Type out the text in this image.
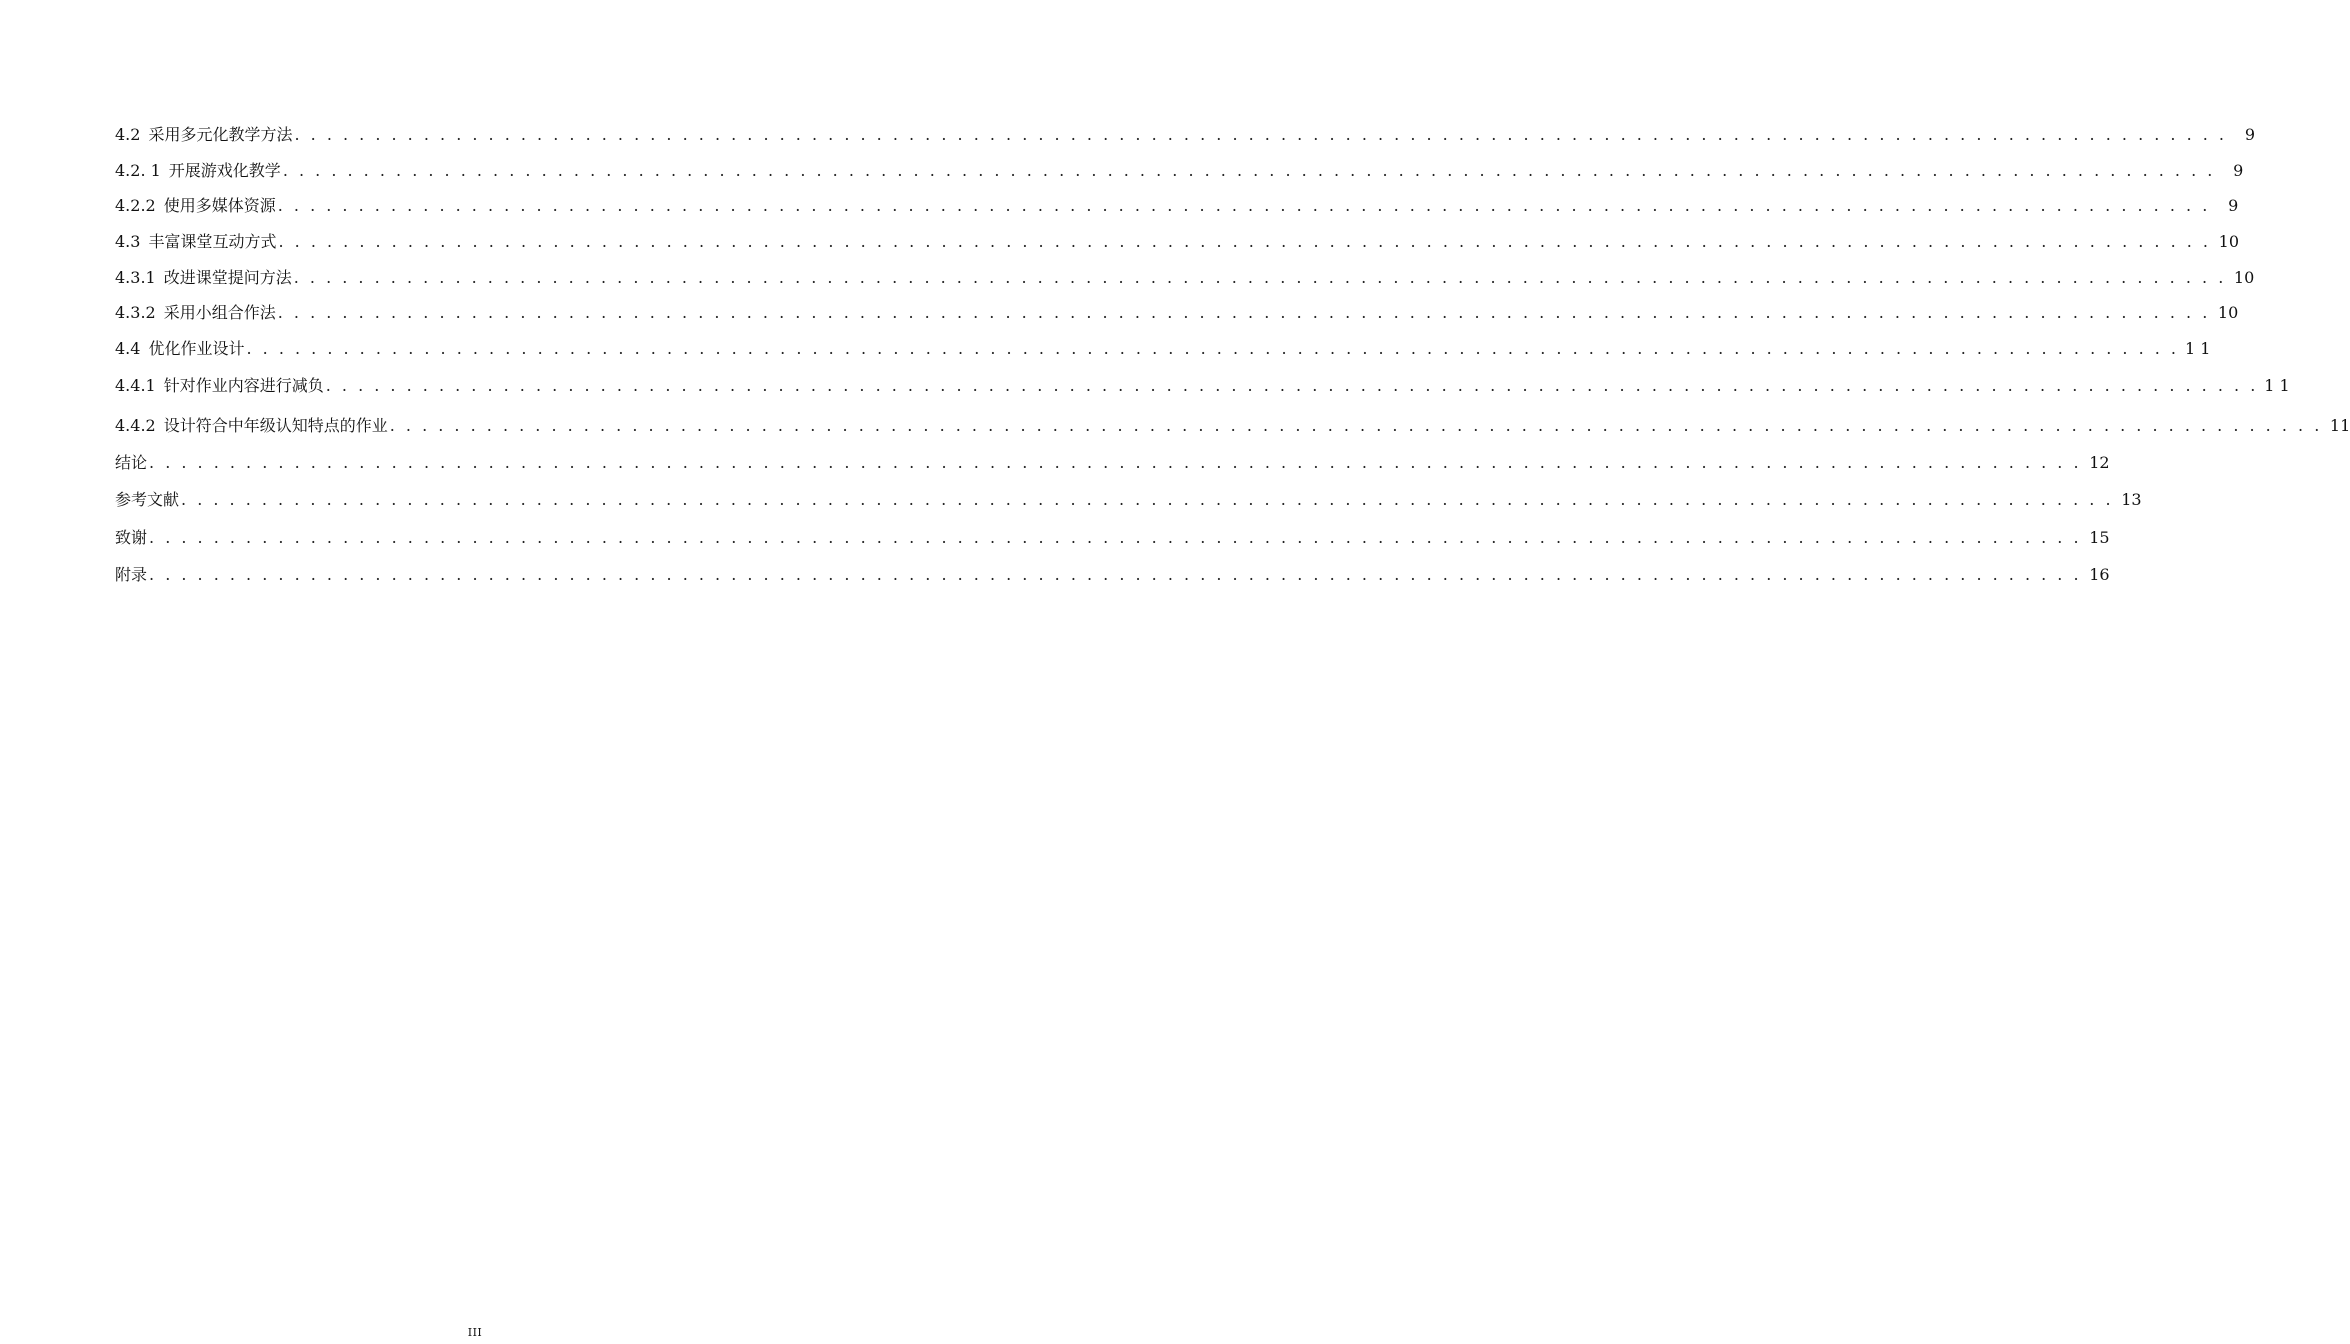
4.2 采用多元化教学方法 . . . . . . . . . . . . . . . . . . . . . . . . . . . . . . . . . . . . . . . . . . . . . . . . . . . . . . . . . . . . . . . . . . . . . . . . . . . . . . . . . . . . . . . . . . . . . . . . . . . . . . . . . . . . . . . . . . . . . . . .	9
4.2. 1 开展游戏化教学 . . . . . . . . . . . . . . . . . . . . . . . . . . . . . . . . . . . . . . . . . . . . . . . . . . . . . . . . . . . . . . . . . . . . . . . . . . . . . . . . . . . . . . . . . . . . . . . . . . . . . . . . . . . . . . . . . . . . . . . .	9
4.2.2 使用多媒体资源 . . . . . . . . . . . . . . . . . . . . . . . . . . . . . . . . . . . . . . . . . . . . . . . . . . . . . . . . . . . . . . . . . . . . . . . . . . . . . . . . . . . . . . . . . . . . . . . . . . . . . . . . . . . . . . . . . . . . . . . .	9
4.3 丰富课堂互动方式 . . . . . . . . . . . . . . . . . . . . . . . . . . . . . . . . . . . . . . . . . . . . . . . . . . . . . . . . . . . . . . . . . . . . . . . . . . . . . . . . . . . . . . . . . . . . . . . . . . . . . . . . . . . . . . . . . . . . . . . . 10
4.3.1 改进课堂提问方法 . . . . . . . . . . . . . . . . . . . . . . . . . . . . . . . . . . . . . . . . . . . . . . . . . . . . . . . . . . . . . . . . . . . . . . . . . . . . . . . . . . . . . . . . . . . . . . . . . . . . . . . . . . . . . . . . . . . . . . . . 10
4.3.2 采用小组合作法 . . . . . . . . . . . . . . . . . . . . . . . . . . . . . . . . . . . . . . . . . . . . . . . . . . . . . . . . . . . . . . . . . . . . . . . . . . . . . . . . . . . . . . . . . . . . . . . . . . . . . . . . . . . . . . . . . . . . . . . . 10
4.4 优化作业设计 . . . . . . . . . . . . . . . . . . . . . . . . . . . . . . . . . . . . . . . . . . . . . . . . . . . . . . . . . . . . . . . . . . . . . . . . . . . . . . . . . . . . . . . . . . . . . . . . . . . . . . . . . . . . . . . . . . . . . . . . 1 1
4.4.1 针对作业内容进行减负 . . . . . . . . . . . . . . . . . . . . . . . . . . . . . . . . . . . . . . . . . . . . . . . . . . . . . . . . . . . . . . . . . . . . . . . . . . . . . . . . . . . . . . . . . . . . . . . . . . . . . . . . . . . . . . . . . . . . . . . . 1 1
4.4.2 设计符合中年级认知特点的作业 . . . . . . . . . . . . . . . . . . . . . . . . . . . . . . . . . . . . . . . . . . . . . . . . . . . . . . . . . . . . . . . . . . . . . . . . . . . . . . . . . . . . . . . . . . . . . . . . . . . . . . . . . . . . . . . . . . . . . . . . 11
结论 . . . . . . . . . . . . . . . . . . . . . . . . . . . . . . . . . . . . . . . . . . . . . . . . . . . . . . . . . . . . . . . . . . . . . . . . . . . . . . . . . . . . . . . . . . . . . . . . . . . . . . . . . . . . . . . . . . . . . . . . 12
参考文献 . . . . . . . . . . . . . . . . . . . . . . . . . . . . . . . . . . . . . . . . . . . . . . . . . . . . . . . . . . . . . . . . . . . . . . . . . . . . . . . . . . . . . . . . . . . . . . . . . . . . . . . . . . . . . . . . . . . . . . . . 13
致谢 . . . . . . . . . . . . . . . . . . . . . . . . . . . . . . . . . . . . . . . . . . . . . . . . . . . . . . . . . . . . . . . . . . . . . . . . . . . . . . . . . . . . . . . . . . . . . . . . . . . . . . . . . . . . . . . . . . . . . . . . 15
附录 . . . . . . . . . . . . . . . . . . . . . . . . . . . . . . . . . . . . . . . . . . . . . . . . . . . . . . . . . . . . . . . . . . . . . . . . . . . . . . . . . . . . . . . . . . . . . . . . . . . . . . . . . . . . . . . . . . . . . . . . 16
III
